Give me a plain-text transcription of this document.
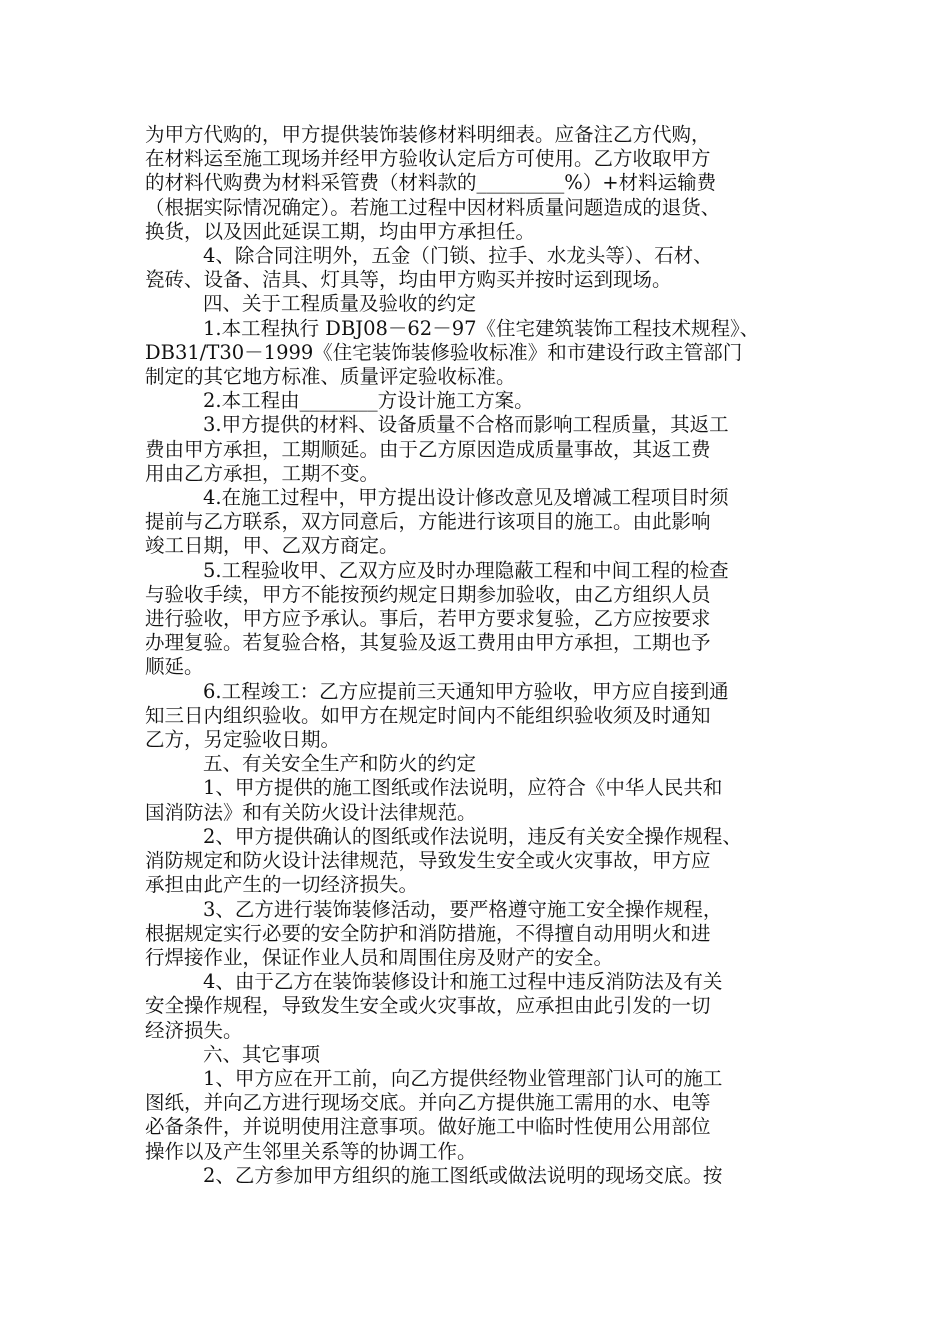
为甲方代购的，甲方提供装饰装修材料明细表。应备注乙方代购，
在材料运至施工现场并经甲方验收认定后方可使用。乙方收取甲方
的材料代购费为材料采管费（材料款的_________%）+材料运输费
（根据实际情况确定）。若施工过程中因材料质量问题造成的退货、
换货，以及因此延误工期，均由甲方承担任。
4、除合同注明外，五金（门锁、拉手、水龙头等）、石材、
瓷砖、设备、洁具、灯具等，均由甲方购买并按时运到现场。
四、关于工程质量及验收的约定
1.本工程执行 DBJ08－62－97《住宅建筑装饰工程技术规程》、
DB31/T30－1999《住宅装饰装修验收标准》和市建设行政主管部门
制定的其它地方标准、质量评定验收标准。
2.本工程由________方设计施工方案。
3.甲方提供的材料、设备质量不合格而影响工程质量，其返工
费由甲方承担，工期顺延。由于乙方原因造成质量事故，其返工费
用由乙方承担，工期不变。
4.在施工过程中，甲方提出设计修改意见及增减工程项目时须
提前与乙方联系，双方同意后，方能进行该项目的施工。由此影响
竣工日期，甲、乙双方商定。
5.工程验收甲、乙双方应及时办理隐蔽工程和中间工程的检查
与验收手续，甲方不能按预约规定日期参加验收，由乙方组织人员
进行验收，甲方应予承认。事后，若甲方要求复验，乙方应按要求
办理复验。若复验合格，其复验及返工费用由甲方承担，工期也予
顺延。
6.工程竣工：乙方应提前三天通知甲方验收，甲方应自接到通
知三日内组织验收。如甲方在规定时间内不能组织验收须及时通知
乙方，另定验收日期。
五、有关安全生产和防火的约定
1、甲方提供的施工图纸或作法说明，应符合《中华人民共和
国消防法》和有关防火设计法律规范。
2、甲方提供确认的图纸或作法说明，违反有关安全操作规程、
消防规定和防火设计法律规范，导致发生安全或火灾事故，甲方应
承担由此产生的一切经济损失。
3、乙方进行装饰装修活动，要严格遵守施工安全操作规程，
根据规定实行必要的安全防护和消防措施，不得擅自动用明火和进
行焊接作业，保证作业人员和周围住房及财产的安全。
4、由于乙方在装饰装修设计和施工过程中违反消防法及有关
安全操作规程，导致发生安全或火灾事故，应承担由此引发的一切
经济损失。
六、其它事项
1、甲方应在开工前，向乙方提供经物业管理部门认可的施工
图纸，并向乙方进行现场交底。并向乙方提供施工需用的水、电等
必备条件，并说明使用注意事项。做好施工中临时性使用公用部位
操作以及产生邻里关系等的协调工作。
2、乙方参加甲方组织的施工图纸或做法说明的现场交底。按
